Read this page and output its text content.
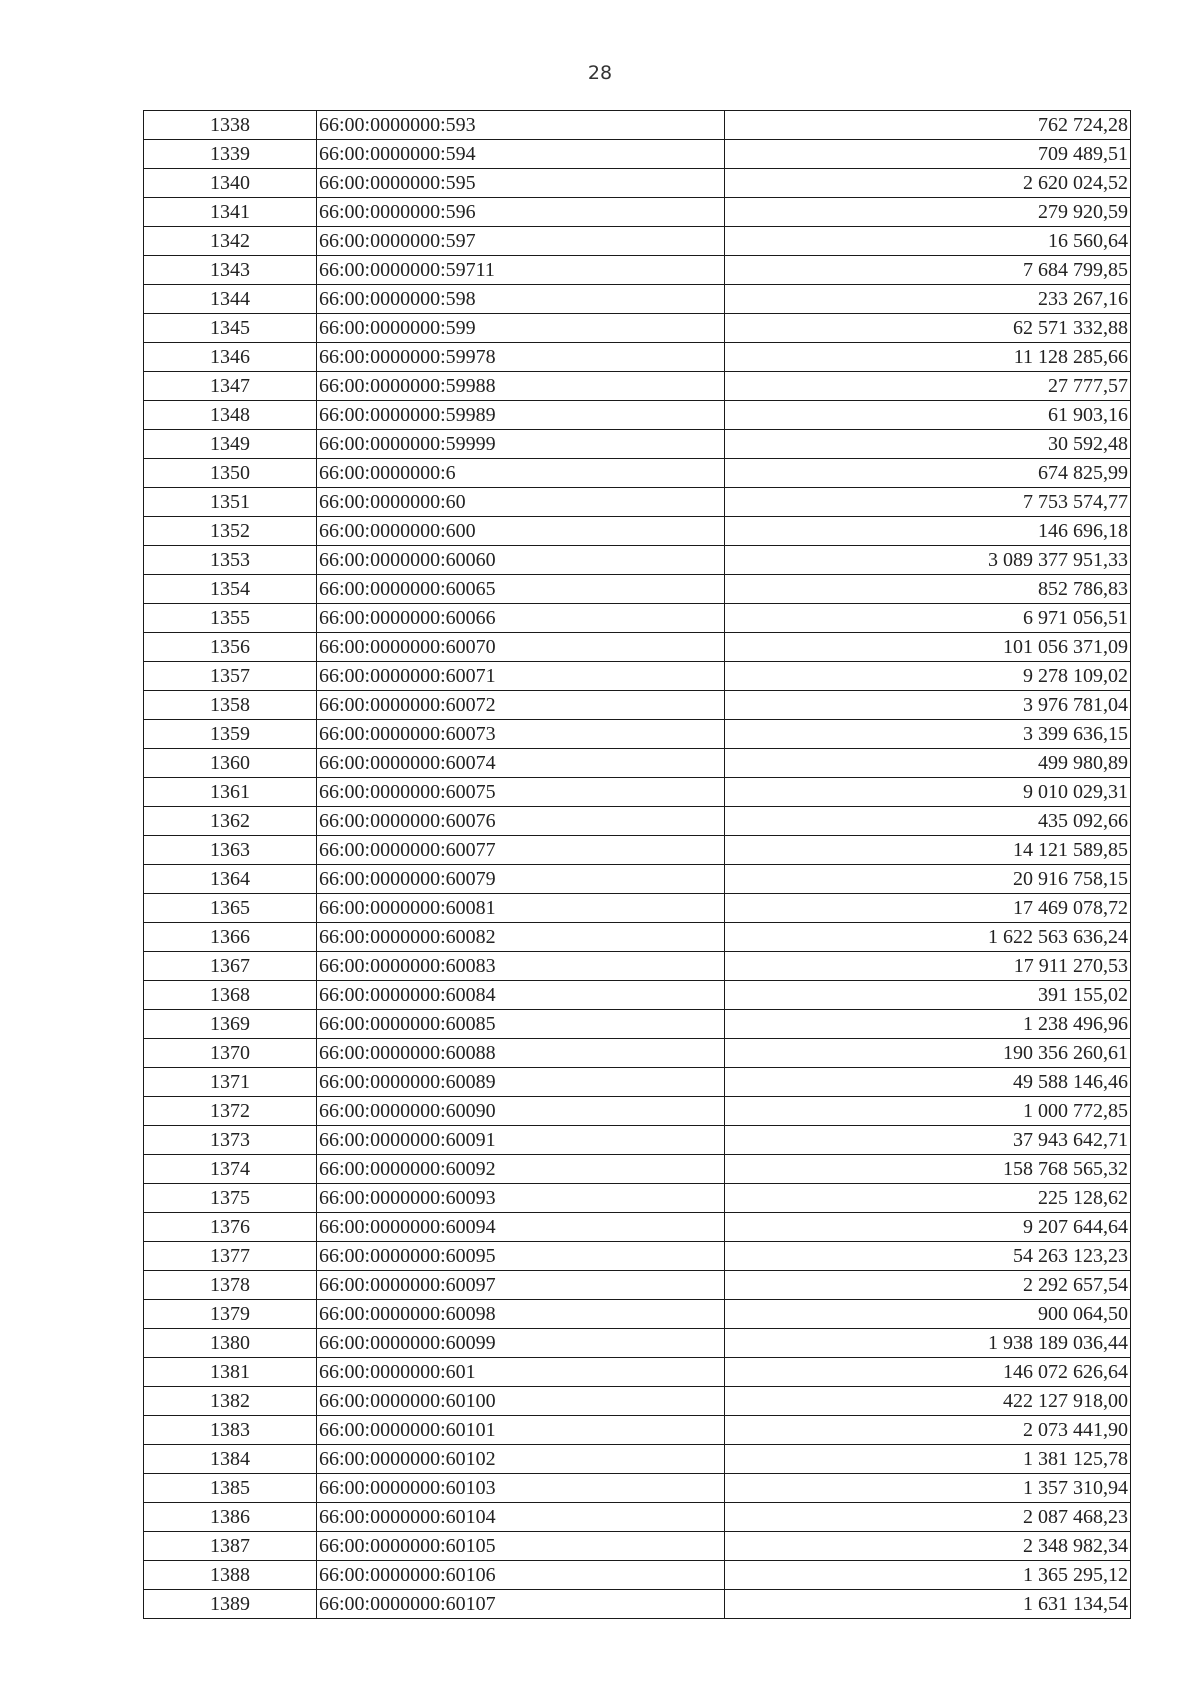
28
1338	66:00:0000000:593	762 724,28
1339	66:00:0000000:594	709 489,51
1340	66:00:0000000:595	2 620 024,52
1341	66:00:0000000:596	279 920,59
1342	66:00:0000000:597	16 560,64
1343	66:00:0000000:59711	7 684 799,85
1344	66:00:0000000:598	233 267,16
1345	66:00:0000000:599	62 571 332,88
1346	66:00:0000000:59978	11 128 285,66
1347	66:00:0000000:59988	27 777,57
1348	66:00:0000000:59989	61 903,16
1349	66:00:0000000:59999	30 592,48
1350	66:00:0000000:6	674 825,99
1351	66:00:0000000:60	7 753 574,77
1352	66:00:0000000:600	146 696,18
1353	66:00:0000000:60060	3 089 377 951,33
1354	66:00:0000000:60065	852 786,83
1355	66:00:0000000:60066	6 971 056,51
1356	66:00:0000000:60070	101 056 371,09
1357	66:00:0000000:60071	9 278 109,02
1358	66:00:0000000:60072	3 976 781,04
1359	66:00:0000000:60073	3 399 636,15
1360	66:00:0000000:60074	499 980,89
1361	66:00:0000000:60075	9 010 029,31
1362	66:00:0000000:60076	435 092,66
1363	66:00:0000000:60077	14 121 589,85
1364	66:00:0000000:60079	20 916 758,15
1365	66:00:0000000:60081	17 469 078,72
1366	66:00:0000000:60082	1 622 563 636,24
1367	66:00:0000000:60083	17 911 270,53
1368	66:00:0000000:60084	391 155,02
1369	66:00:0000000:60085	1 238 496,96
1370	66:00:0000000:60088	190 356 260,61
1371	66:00:0000000:60089	49 588 146,46
1372	66:00:0000000:60090	1 000 772,85
1373	66:00:0000000:60091	37 943 642,71
1374	66:00:0000000:60092	158 768 565,32
1375	66:00:0000000:60093	225 128,62
1376	66:00:0000000:60094	9 207 644,64
1377	66:00:0000000:60095	54 263 123,23
1378	66:00:0000000:60097	2 292 657,54
1379	66:00:0000000:60098	900 064,50
1380	66:00:0000000:60099	1 938 189 036,44
1381	66:00:0000000:601	146 072 626,64
1382	66:00:0000000:60100	422 127 918,00
1383	66:00:0000000:60101	2 073 441,90
1384	66:00:0000000:60102	1 381 125,78
1385	66:00:0000000:60103	1 357 310,94
1386	66:00:0000000:60104	2 087 468,23
1387	66:00:0000000:60105	2 348 982,34
1388	66:00:0000000:60106	1 365 295,12
1389	66:00:0000000:60107	1 631 134,54
